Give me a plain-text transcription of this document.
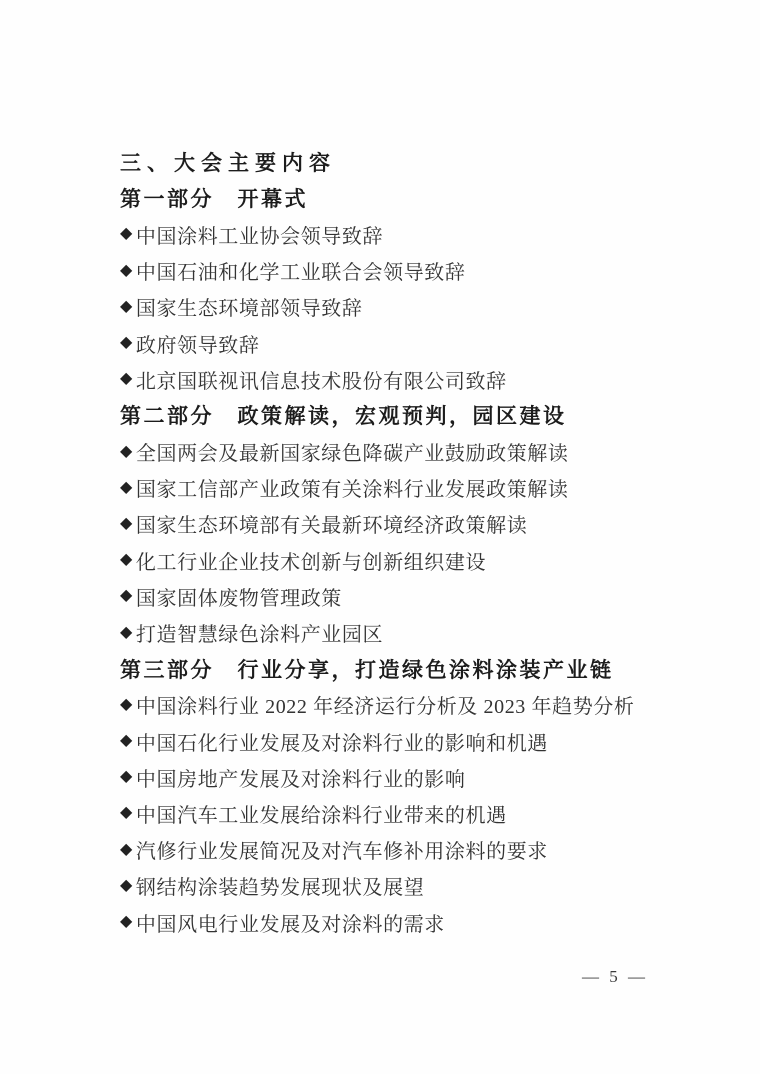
三、大会主要内容
第一部分　开幕式
◆ 中国涂料工业协会领导致辞
◆ 中国石油和化学工业联合会领导致辞
◆ 国家生态环境部领导致辞
◆ 政府领导致辞
◆ 北京国联视讯信息技术股份有限公司致辞
第二部分　政策解读，宏观预判，园区建设
◆ 全国两会及最新国家绿色降碳产业鼓励政策解读
◆ 国家工信部产业政策有关涂料行业发展政策解读
◆ 国家生态环境部有关最新环境经济政策解读
◆ 化工行业企业技术创新与创新组织建设
◆ 国家固体废物管理政策
◆ 打造智慧绿色涂料产业园区
第三部分　行业分享，打造绿色涂料涂装产业链
◆ 中国涂料行业 2022 年经济运行分析及 2023 年趋势分析
◆ 中国石化行业发展及对涂料行业的影响和机遇
◆ 中国房地产发展及对涂料行业的影响
◆ 中国汽车工业发展给涂料行业带来的机遇
◆ 汽修行业发展简况及对汽车修补用涂料的要求
◆ 钢结构涂装趋势发展现状及展望
◆ 中国风电行业发展及对涂料的需求
— 5 —
